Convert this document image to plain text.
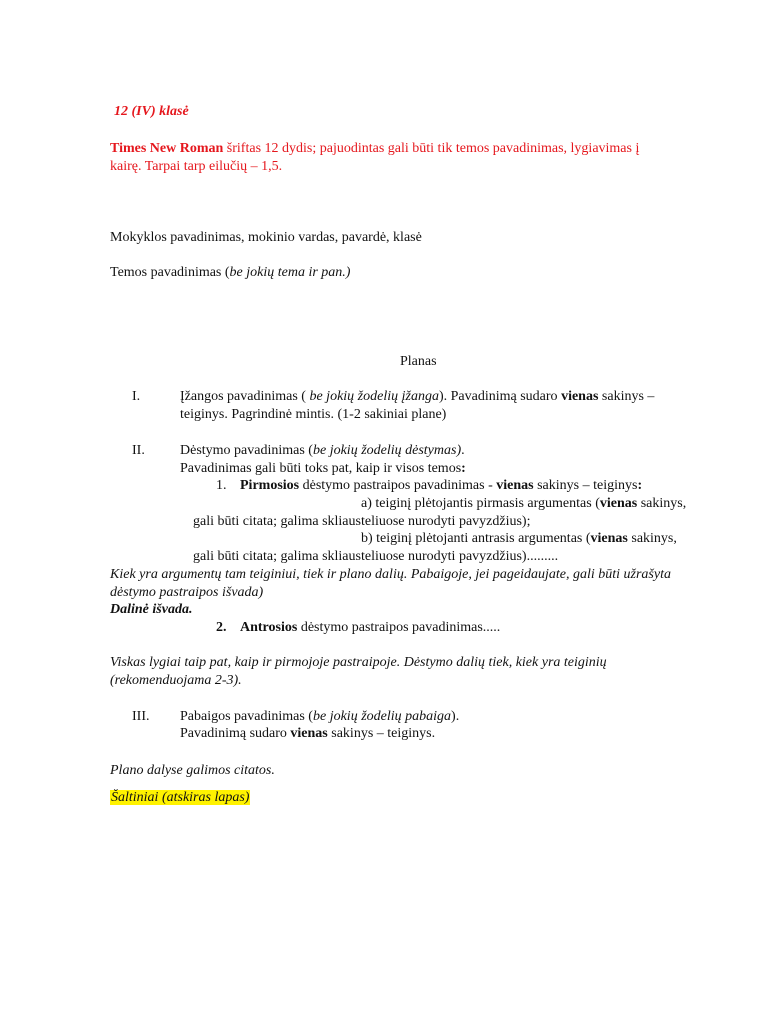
12 (IV) klasė
Times New Roman šriftas 12 dydis; pajuodintas gali būti tik temos pavadinimas, lygiavimas į
kairę. Tarpai tarp eilučių – 1,5.
Mokyklos pavadinimas, mokinio vardas, pavardė, klasė
Temos pavadinimas (be jokių tema ir pan.)
Planas
I.	Įžangos pavadinimas ( be jokių žodelių įžanga). Pavadinimą sudaro vienas sakinys –
teiginys. Pagrindinė mintis. (1-2 sakiniai plane)
II.	Dėstymo pavadinimas (be jokių žodelių dėstymas).
Pavadinimas gali būti toks pat, kaip ir visos temos:
1. Pirmosios dėstymo pastraipos pavadinimas - vienas sakinys – teiginys:
a) teiginį plėtojantis pirmasis argumentas (vienas sakinys,
gali būti citata; galima skliausteliuose nurodyti pavyzdžius);
b) teiginį plėtojanti antrasis argumentas (vienas sakinys,
gali būti citata; galima skliausteliuose nurodyti pavyzdžius).........
Kiek yra argumentų tam teiginiui, tiek ir plano dalių. Pabaigoje, jei pageidaujate, gali būti užrašyta
dėstymo pastraipos išvada)
Dalinė išvada.
2. Antrosios dėstymo pastraipos pavadinimas.....
Viskas lygiai taip pat, kaip ir pirmojoje pastraipoje. Dėstymo dalių tiek, kiek yra teiginių
(rekomenduojama 2-3).
III. Pabaigos pavadinimas (be jokių žodelių pabaiga).
Pavadinimą sudaro vienas sakinys – teiginys.
Plano dalyse galimos citatos.
Šaltiniai (atskiras lapas)
